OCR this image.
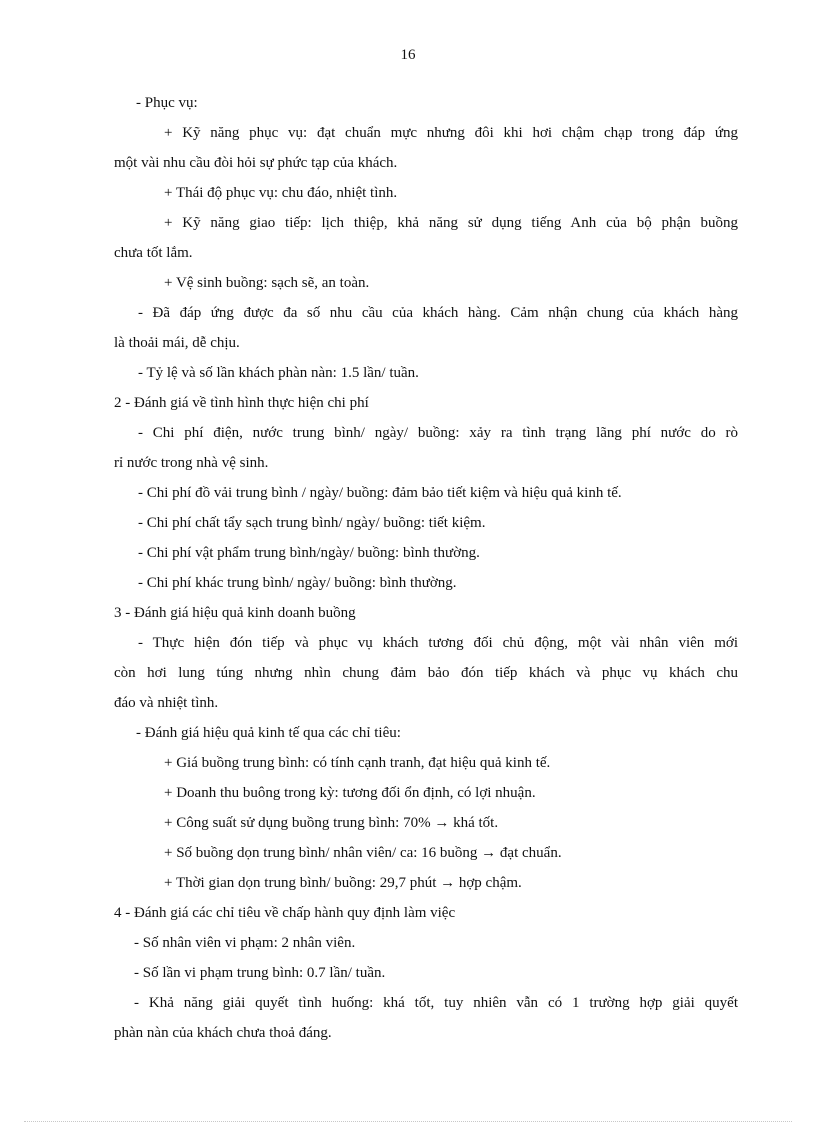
16
- Phục vụ:
+ Kỹ năng phục vụ: đạt chuẩn mực nhưng đôi khi hơi chậm chạp trong đáp ứng
một vài nhu cầu đòi hỏi sự phức tạp của khách.
+ Thái độ phục vụ: chu đáo, nhiệt tình.
+ Kỹ năng giao tiếp: lịch thiệp, khả năng sử dụng tiếng Anh của bộ phận buồng
chưa tốt lắm.
+ Vệ sinh buồng: sạch sẽ, an toàn.
- Đã đáp ứng được đa số nhu cầu của khách hàng. Cảm nhận chung của khách hàng
là thoải mái, dễ chịu.
- Tỷ lệ và số lần khách phàn nàn: 1.5 lần/ tuần.
2 - Đánh giá về tình hình thực hiện chi phí
- Chi phí điện, nước trung bình/ ngày/ buồng: xảy ra tình trạng lãng phí nước do rò
rỉ nước trong nhà vệ sinh.
- Chi phí đồ vải trung bình / ngày/ buồng: đảm bảo tiết kiệm và hiệu quả kinh tế.
- Chi phí chất tẩy sạch trung bình/ ngày/ buồng: tiết kiệm.
- Chi phí vật phẩm trung bình/ngày/ buồng: bình thường.
- Chi phí khác trung bình/ ngày/ buồng: bình thường.
3 - Đánh giá hiệu quả kinh doanh buồng
- Thực hiện đón tiếp và phục vụ khách tương đối chủ động, một vài nhân viên mới
còn hơi lung túng nhưng nhìn chung đảm bảo đón tiếp khách và phục vụ khách chu
đáo và nhiệt tình.
- Đánh giá hiệu quả kinh tế qua các chỉ tiêu:
+ Giá buồng trung bình: có tính cạnh tranh, đạt hiệu quả kinh tế.
+ Doanh thu buông trong kỳ: tương đối ổn định, có lợi nhuận.
+ Công suất sử dụng buồng trung bình: 70% → khá tốt.
+ Số buồng dọn trung bình/ nhân viên/ ca: 16 buồng → đạt chuẩn.
+ Thời gian dọn trung bình/ buồng: 29,7 phút → hợp chậm.
4 - Đánh giá các chỉ tiêu về chấp hành quy định làm việc
- Số nhân viên vi phạm: 2 nhân viên.
- Số lần vi phạm trung bình: 0.7 lần/ tuần.
- Khả năng giải quyết tình huống: khá tốt, tuy nhiên vẫn có 1 trường hợp giải quyết
phàn nàn của khách chưa thoả đáng.
